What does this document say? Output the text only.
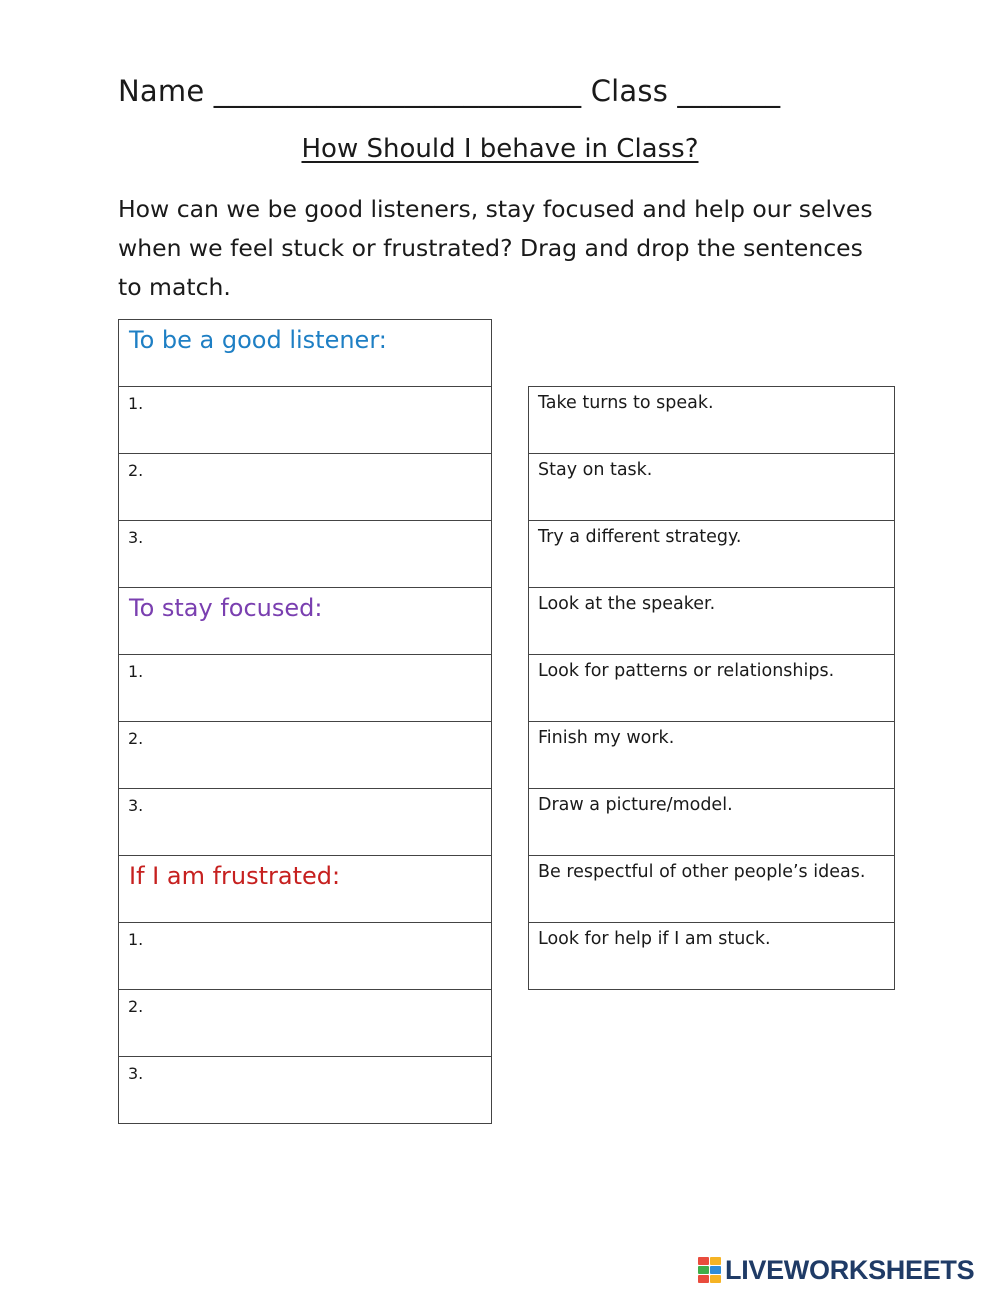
Name _________________________ Class _______
How Should I behave in Class?
How can we be good listeners, stay focused and help our selves when we feel stuck or frustrated? Drag and drop the sentences to match.
To be a good listener:

1.

2.

3.

To stay focused:

1.

2.

3.

If I am frustrated:

1.

2.

3.
Take turns to speak.

Stay on task.

Try a different strategy.

Look at the speaker.

Look for patterns or relationships.

Finish my work.

Draw a picture/model.

Be respectful of other people’s ideas.

Look for help if I am stuck.
LIVEWORKSHEETS
